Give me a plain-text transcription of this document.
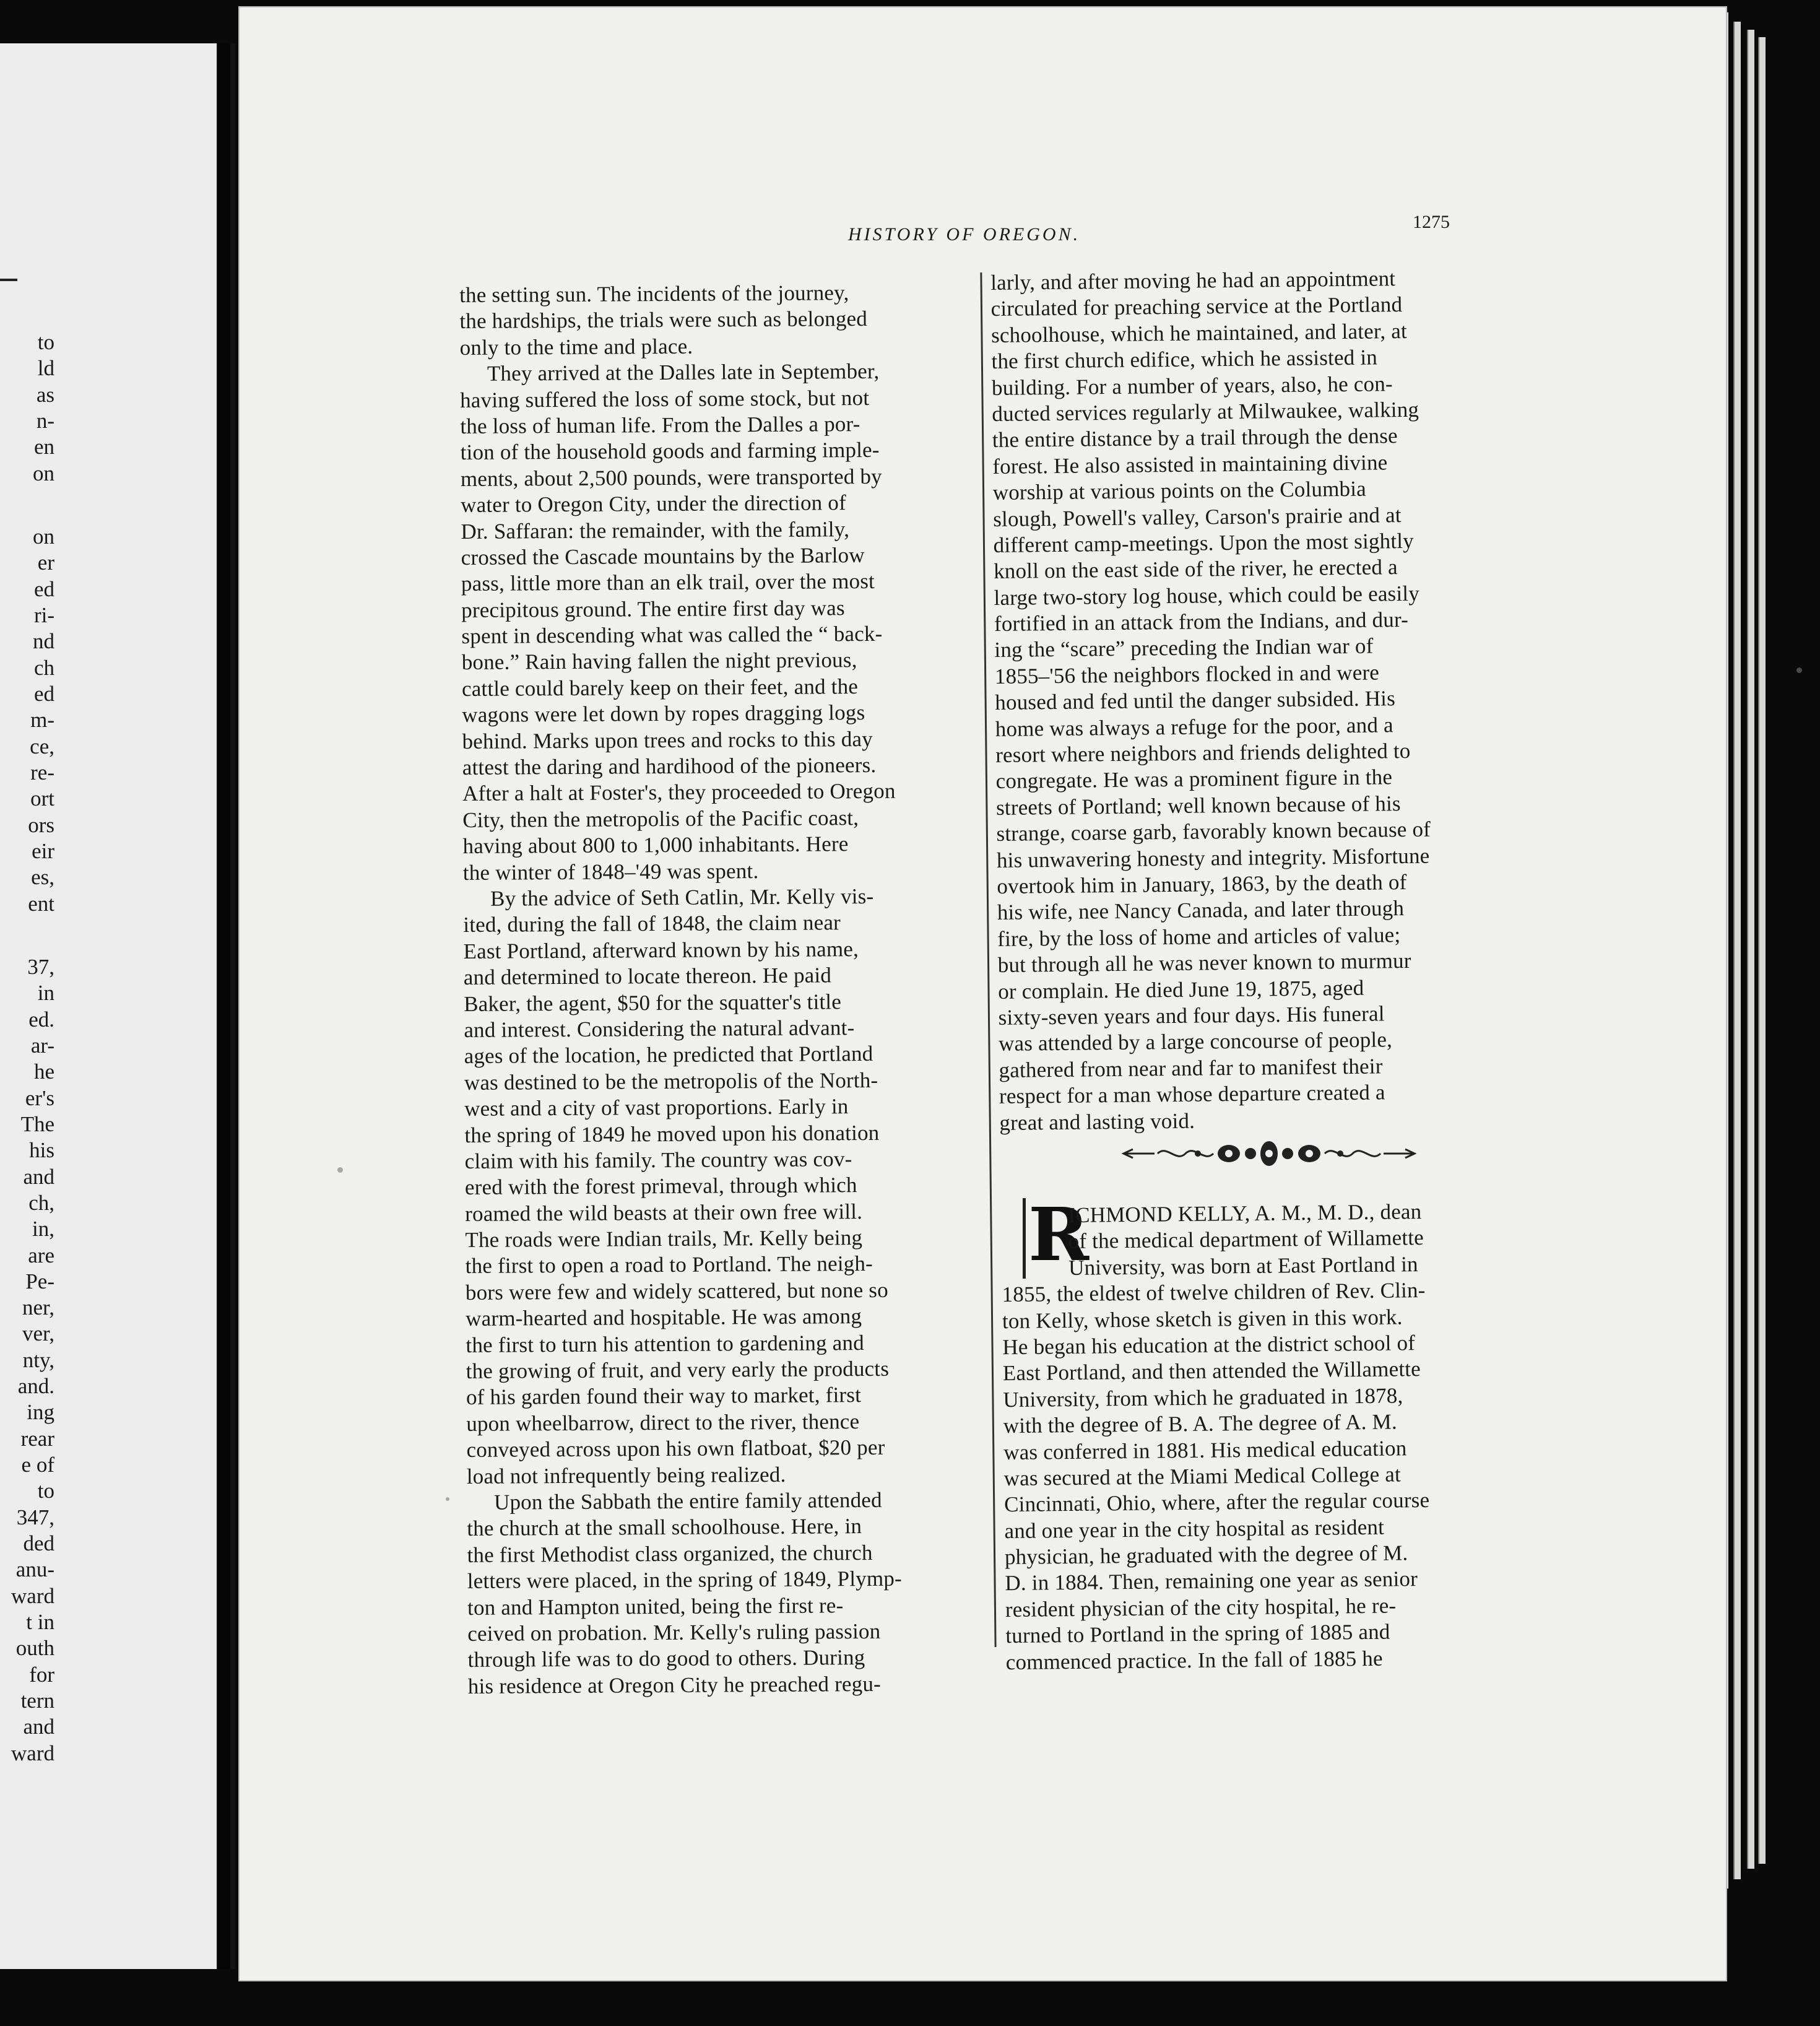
to
ld
as
n-
en
on
on
er
ed
ri-
nd
ch
ed
m-
ce,
re-
ort
ors
eir
es,
ent
37,
in
ed.
ar-
he
er's
The
his
and
ch,
in,
are
Pe-
ner,
ver,
nty,
and.
ing
rear
e of
to
347,
ded
anu-
ward
t in
outh
for
tern
and
ward
HISTORY OF OREGON.
1275
the setting sun. The incidents of the journey,
the hardships, the trials were such as belonged
only to the time and place.
They arrived at the Dalles late in September,
having suffered the loss of some stock, but not
the loss of human life. From the Dalles a por-
tion of the household goods and farming imple-
ments, about 2,500 pounds, were transported by
water to Oregon City, under the direction of
Dr. Saffaran: the remainder, with the family,
crossed the Cascade mountains by the Barlow
pass, little more than an elk trail, over the most
precipitous ground. The entire first day was
spent in descending what was called the “ back-
bone.” Rain having fallen the night previous,
cattle could barely keep on their feet, and the
wagons were let down by ropes dragging logs
behind. Marks upon trees and rocks to this day
attest the daring and hardihood of the pioneers.
After a halt at Foster's, they proceeded to Oregon
City, then the metropolis of the Pacific coast,
having about 800 to 1,000 inhabitants. Here
the winter of 1848–'49 was spent.
By the advice of Seth Catlin, Mr. Kelly vis-
ited, during the fall of 1848, the claim near
East Portland, afterward known by his name,
and determined to locate thereon. He paid
Baker, the agent, $50 for the squatter's title
and interest. Considering the natural advant-
ages of the location, he predicted that Portland
was destined to be the metropolis of the North-
west and a city of vast proportions. Early in
the spring of 1849 he moved upon his donation
claim with his family. The country was cov-
ered with the forest primeval, through which
roamed the wild beasts at their own free will.
The roads were Indian trails, Mr. Kelly being
the first to open a road to Portland. The neigh-
bors were few and widely scattered, but none so
warm-hearted and hospitable. He was among
the first to turn his attention to gardening and
the growing of fruit, and very early the products
of his garden found their way to market, first
upon wheelbarrow, direct to the river, thence
conveyed across upon his own flatboat, $20 per
load not infrequently being realized.
Upon the Sabbath the entire family attended
the church at the small schoolhouse. Here, in
the first Methodist class organized, the church
letters were placed, in the spring of 1849, Plymp-
ton and Hampton united, being the first re-
ceived on probation. Mr. Kelly's ruling passion
through life was to do good to others. During
his residence at Oregon City he preached regu-
larly, and after moving he had an appointment
circulated for preaching service at the Portland
schoolhouse, which he maintained, and later, at
the first church edifice, which he assisted in
building. For a number of years, also, he con-
ducted services regularly at Milwaukee, walking
the entire distance by a trail through the dense
forest. He also assisted in maintaining divine
worship at various points on the Columbia
slough, Powell's valley, Carson's prairie and at
different camp-meetings. Upon the most sightly
knoll on the east side of the river, he erected a
large two-story log house, which could be easily
fortified in an attack from the Indians, and dur-
ing the “scare” preceding the Indian war of
1855–'56 the neighbors flocked in and were
housed and fed until the danger subsided. His
home was always a refuge for the poor, and a
resort where neighbors and friends delighted to
congregate. He was a prominent figure in the
streets of Portland; well known because of his
strange, coarse garb, favorably known because of
his unwavering honesty and integrity. Misfortune
overtook him in January, 1863, by the death of
his wife, nee Nancy Canada, and later through
fire, by the loss of home and articles of value;
but through all he was never known to murmur
or complain. He died June 19, 1875, aged
sixty-seven years and four days. His funeral
was attended by a large concourse of people,
gathered from near and far to manifest their
respect for a man whose departure created a
great and lasting void.
R
ICHMOND KELLY, A. M., M. D., dean
of the medical department of Willamette
University, was born at East Portland in
1855, the eldest of twelve children of Rev. Clin-
ton Kelly, whose sketch is given in this work.
He began his education at the district school of
East Portland, and then attended the Willamette
University, from which he graduated in 1878,
with the degree of B. A. The degree of A. M.
was conferred in 1881. His medical education
was secured at the Miami Medical College at
Cincinnati, Ohio, where, after the regular course
and one year in the city hospital as resident
physician, he graduated with the degree of M.
D. in 1884. Then, remaining one year as senior
resident physician of the city hospital, he re-
turned to Portland in the spring of 1885 and
commenced practice. In the fall of 1885 he
